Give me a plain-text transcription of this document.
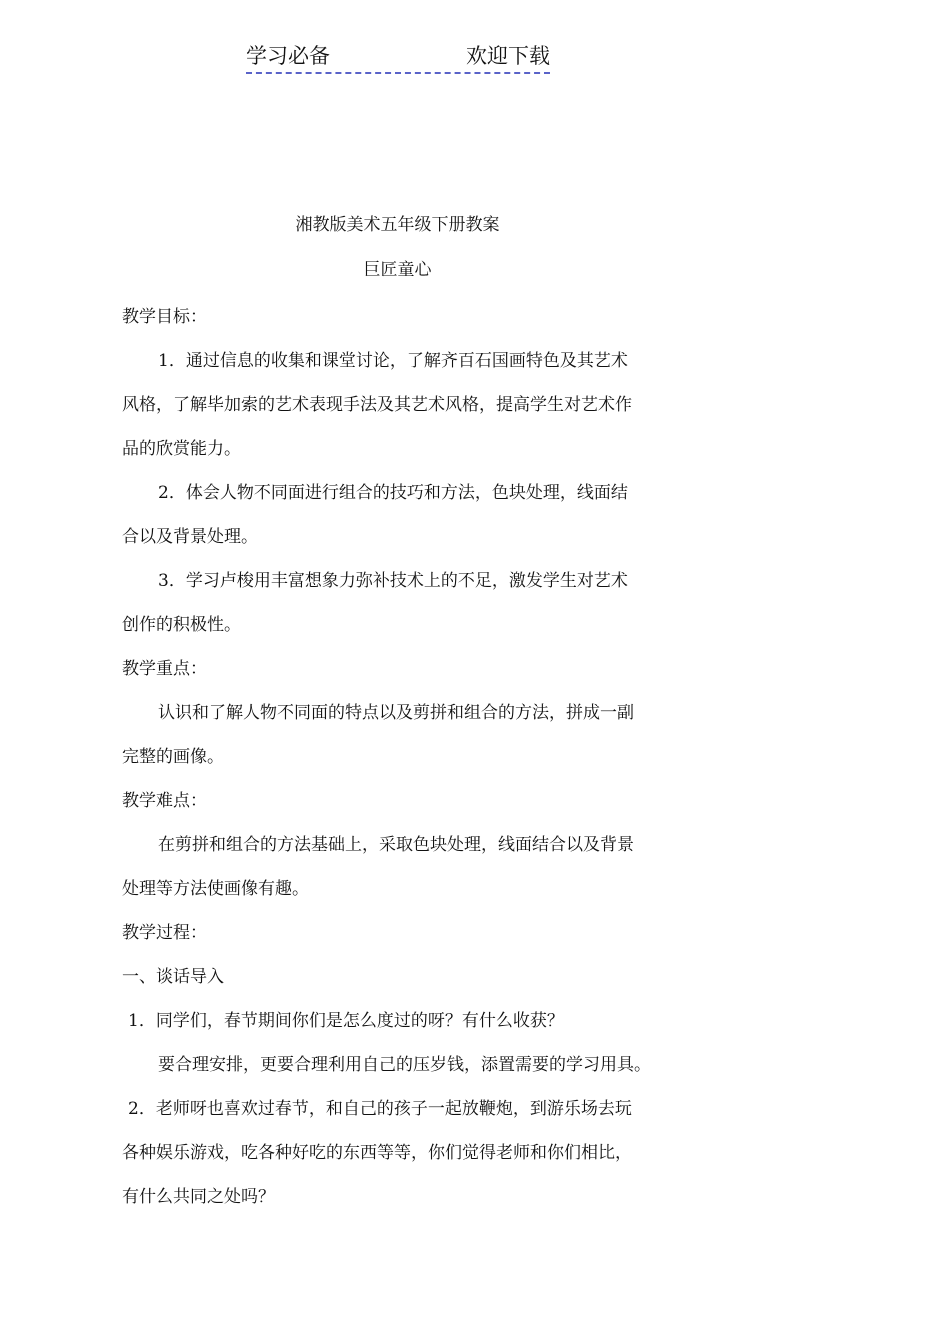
学习必备	欢迎下载
湘教版美术五年级下册教案
巨匠童心

教学目标：

1．通过信息的收集和课堂讨论，了解齐百石国画特色及其艺术

风格，了解毕加索的艺术表现手法及其艺术风格，提高学生对艺术作

品的欣赏能力。

2．体会人物不同面进行组合的技巧和方法，色块处理，线面结

合以及背景处理。

3．学习卢梭用丰富想象力弥补技术上的不足，激发学生对艺术

创作的积极性。

教学重点：

认识和了解人物不同面的特点以及剪拼和组合的方法，拼成一副

完整的画像。

教学难点：

在剪拼和组合的方法基础上，采取色块处理，线面结合以及背景

处理等方法使画像有趣。

教学过程：

一、谈话导入

1．同学们，春节期间你们是怎么度过的呀？有什么收获？

要合理安排，更要合理利用自己的压岁钱，添置需要的学习用具。

2．老师呀也喜欢过春节，和自己的孩子一起放鞭炮，到游乐场去玩

各种娱乐游戏，吃各种好吃的东西等等，你们觉得老师和你们相比，

有什么共同之处吗？
